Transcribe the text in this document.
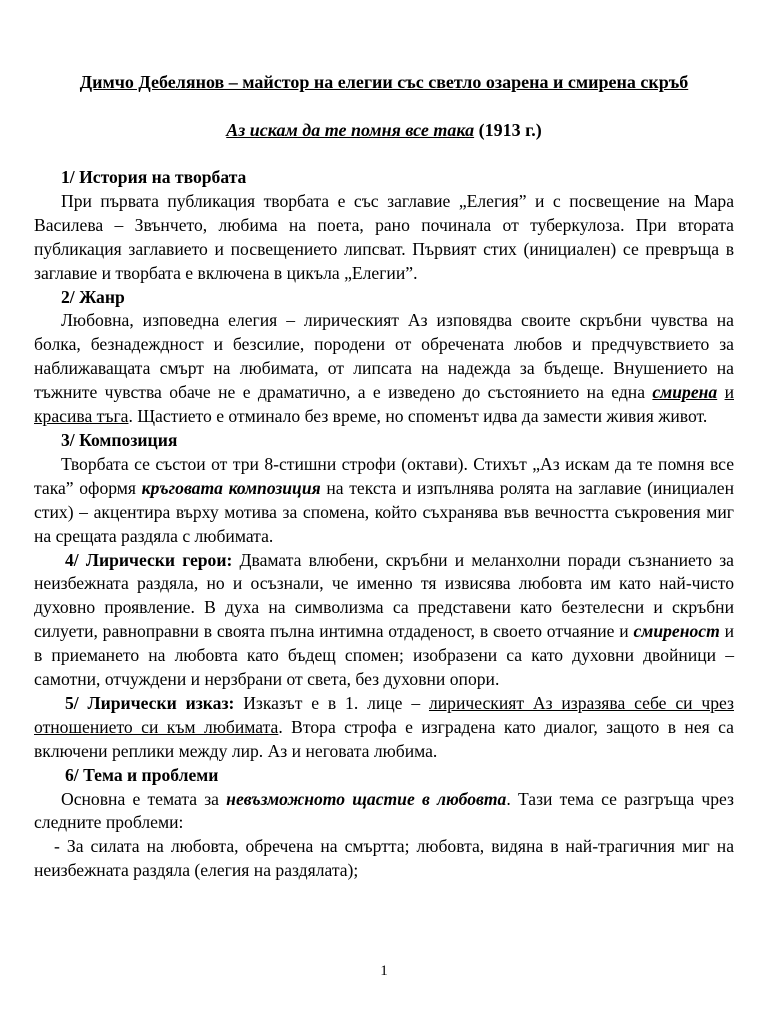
Димчо Дебелянов – майстор на елегии със светло озарена и смирена скръб
Аз искам да те помня все така (1913 г.)
1/ История на творбата

При първата публикация творбата е със заглавие „Елегия” и с посвещение на Мара Василева – Звънчето, любима на поета, рано починала от туберкулоза. При втората публикация заглавието и посвещението липсват. Първият стих (инициален) се превръща в заглавие и творбата е включена в цикъла „Елегии”.

2/ Жанр

Любовна, изповедна елегия – лирическият Аз изповядва своите скръбни чувства на болка, безнадеждност и безсилие, породени от обречената любов и предчувствието за наближаващата смърт на любимата, от липсата на надежда за бъдеще. Внушението на тъжните чувства обаче не е драматично, а е изведено до състоянието на една смирена и красива тъга. Щастието е отминало без време, но споменът идва да замести живия живот.

3/ Композиция

Творбата се състои от три 8-стишни строфи (октави). Стихът „Аз искам да те помня все така” оформя кръговата композиция на текста и изпълнява ролята на заглавие (инициален стих) – акцентира върху мотива за спомена, който съхранява във вечността съкровения миг на срещата раздяла с любимата.

4/ Лирически герои: Двамата влюбени, скръбни и меланхолни поради съзнанието за неизбежната раздяла, но и осъзнали, че именно тя извисява любовта им като най-чисто духовно проявление. В духа на символизма са представени като безтелесни и скръбни силуети, равноправни в своята пълна интимна отдаденост, в своето отчаяние и смиреност и в приемането на любовта като бъдещ спомен; изобразени са като духовни двойници – самотни, отчуждени и нерзбрани от света, без духовни опори.

5/ Лирически изказ: Изказът е в 1. лице – лирическият Аз изразява себе си чрез отношението си към любимата. Втора строфа е изградена като диалог, защото в нея са включени реплики между лир. Аз и неговата любима.

6/ Тема и проблеми

Основна е темата за невъзможното щастие в любовта. Тази тема се разгръща чрез следните проблеми:

- За силата на любовта, обречена на смъртта; любовта, видяна в най-трагичния миг на неизбежната раздяла (елегия на раздялата);
1
